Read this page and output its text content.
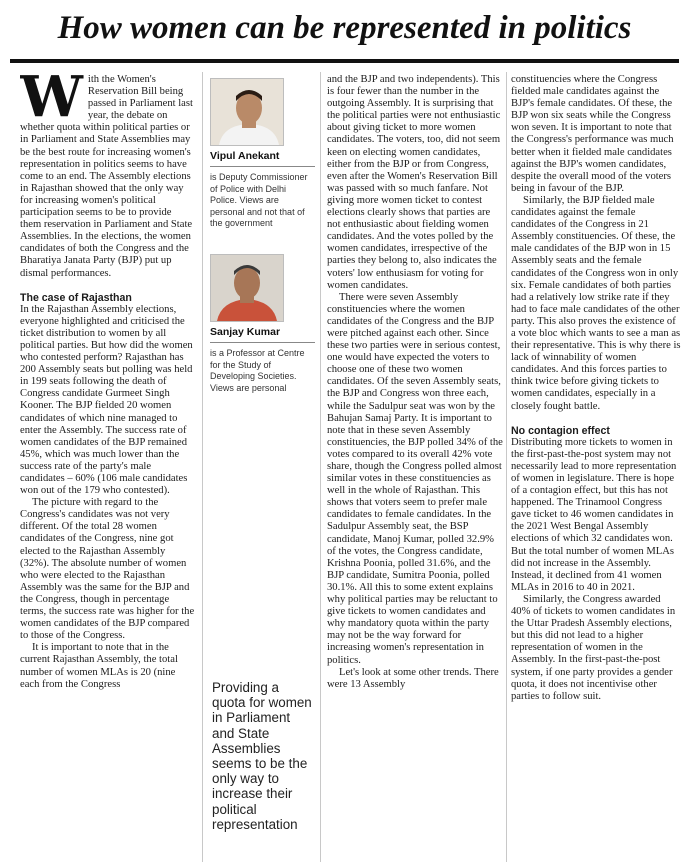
How women can be represented in politics

With the Women's Reservation Bill being passed in Parliament last year, the debate on whether quota within political parties or in Parliament and State Assemblies may be the best route for increasing women's representation in politics seems to have come to an end. The Assembly elections in Rajasthan showed that the only way for increasing women's political participation seems to be to provide them reservation in Parliament and State Assemblies. In the elections, the women candidates of both the Congress and the Bharatiya Janata Party (BJP) put up dismal performances.

The case of Rajasthan

In the Rajasthan Assembly elections, everyone highlighted and criticised the ticket distribution to women by all political parties. But how did the women who contested perform? Rajasthan has 200 Assembly seats but polling was held in 199 seats following the death of Congress candidate Gurmeet Singh Kooner. The BJP fielded 20 women candidates of which nine managed to enter the Assembly. The success rate of women candidates of the BJP remained 45%, which was much lower than the success rate of the party's male candidates – 60% (106 male candidates won out of the 179 who contested).

The picture with regard to the Congress's candidates was not very different. Of the total 28 women candidates of the Congress, nine got elected to the Rajasthan Assembly (32%). The absolute number of women who were elected to the Rajasthan Assembly was the same for the BJP and the Congress, though in percentage terms, the success rate was higher for the women candidates of the BJP compared to those of the Congress.

It is important to note that in the current Rajasthan Assembly, the total number of women MLAs is 20 (nine each from the Congress

Vipul Anekant
is Deputy Commissioner of Police with Delhi Police. Views are personal and not that of the government
Sanjay Kumar
is a Professor at Centre for the Study of Developing Societies. Views are personal
Providing a quota for women in Parliament and State Assemblies seems to be the only way to increase their political representation

and the BJP and two independents). This is four fewer than the number in the outgoing Assembly. It is surprising that the political parties were not enthusiastic about giving ticket to more women candidates. The voters, too, did not seem keen on electing women candidates, either from the BJP or from Congress, even after the Women's Reservation Bill was passed with so much fanfare. Not giving more women ticket to contest elections clearly shows that parties are not enthusiastic about fielding women candidates. And the votes polled by the women candidates, irrespective of the parties they belong to, also indicates the voters' low enthusiasm for voting for women candidates.

There were seven Assembly constituencies where the women candidates of the Congress and the BJP were pitched against each other. Since these two parties were in serious contest, one would have expected the voters to choose one of these two women candidates. Of the seven Assembly seats, the BJP and Congress won three each, while the Sadulpur seat was won by the Bahujan Samaj Party. It is important to note that in these seven Assembly constituencies, the BJP polled 34% of the votes compared to its overall 42% vote share, though the Congress polled almost similar votes in these constituencies as well in the whole of Rajasthan. This shows that voters seem to prefer male candidates to female candidates. In the Sadulpur Assembly seat, the BSP candidate, Manoj Kumar, polled 32.9% of the votes, the Congress candidate, Krishna Poonia, polled 31.6%, and the BJP candidate, Sumitra Poonia, polled 30.1%. All this to some extent explains why political parties may be reluctant to give tickets to women candidates and why mandatory quota within the party may not be the way forward for increasing women's representation in politics.

Let's look at some other trends. There were 13 Assembly

constituencies where the Congress fielded male candidates against the BJP's female candidates. Of these, the BJP won six seats while the Congress won seven. It is important to note that the Congress's performance was much better when it fielded male candidates against the BJP's women candidates, despite the overall mood of the voters being in favour of the BJP.

Similarly, the BJP fielded male candidates against the female candidates of the Congress in 21 Assembly constituencies. Of these, the male candidates of the BJP won in 15 Assembly seats and the female candidates of the Congress won in only six. Female candidates of both parties had a relatively low strike rate if they had to face male candidates of the other party. This also proves the existence of a vote bloc which wants to see a man as their representative. This is why there is lack of winnability of women candidates. And this forces parties to think twice before giving tickets to women candidates, especially in a closely fought battle.

No contagion effect

Distributing more tickets to women in the first-past-the-post system may not necessarily lead to more representation of women in legislature. There is hope of a contagion effect, but this has not happened. The Trinamool Congress gave ticket to 46 women candidates in the 2021 West Bengal Assembly elections of which 32 candidates won. But the total number of women MLAs did not increase in the Assembly. Instead, it declined from 41 women MLAs in 2016 to 40 in 2021.

Similarly, the Congress awarded 40% of tickets to women candidates in the Uttar Pradesh Assembly elections, but this did not lead to a higher representation of women in the Assembly. In the first-past-the-post system, if one party provides a gender quota, it does not incentivise other parties to follow suit.
